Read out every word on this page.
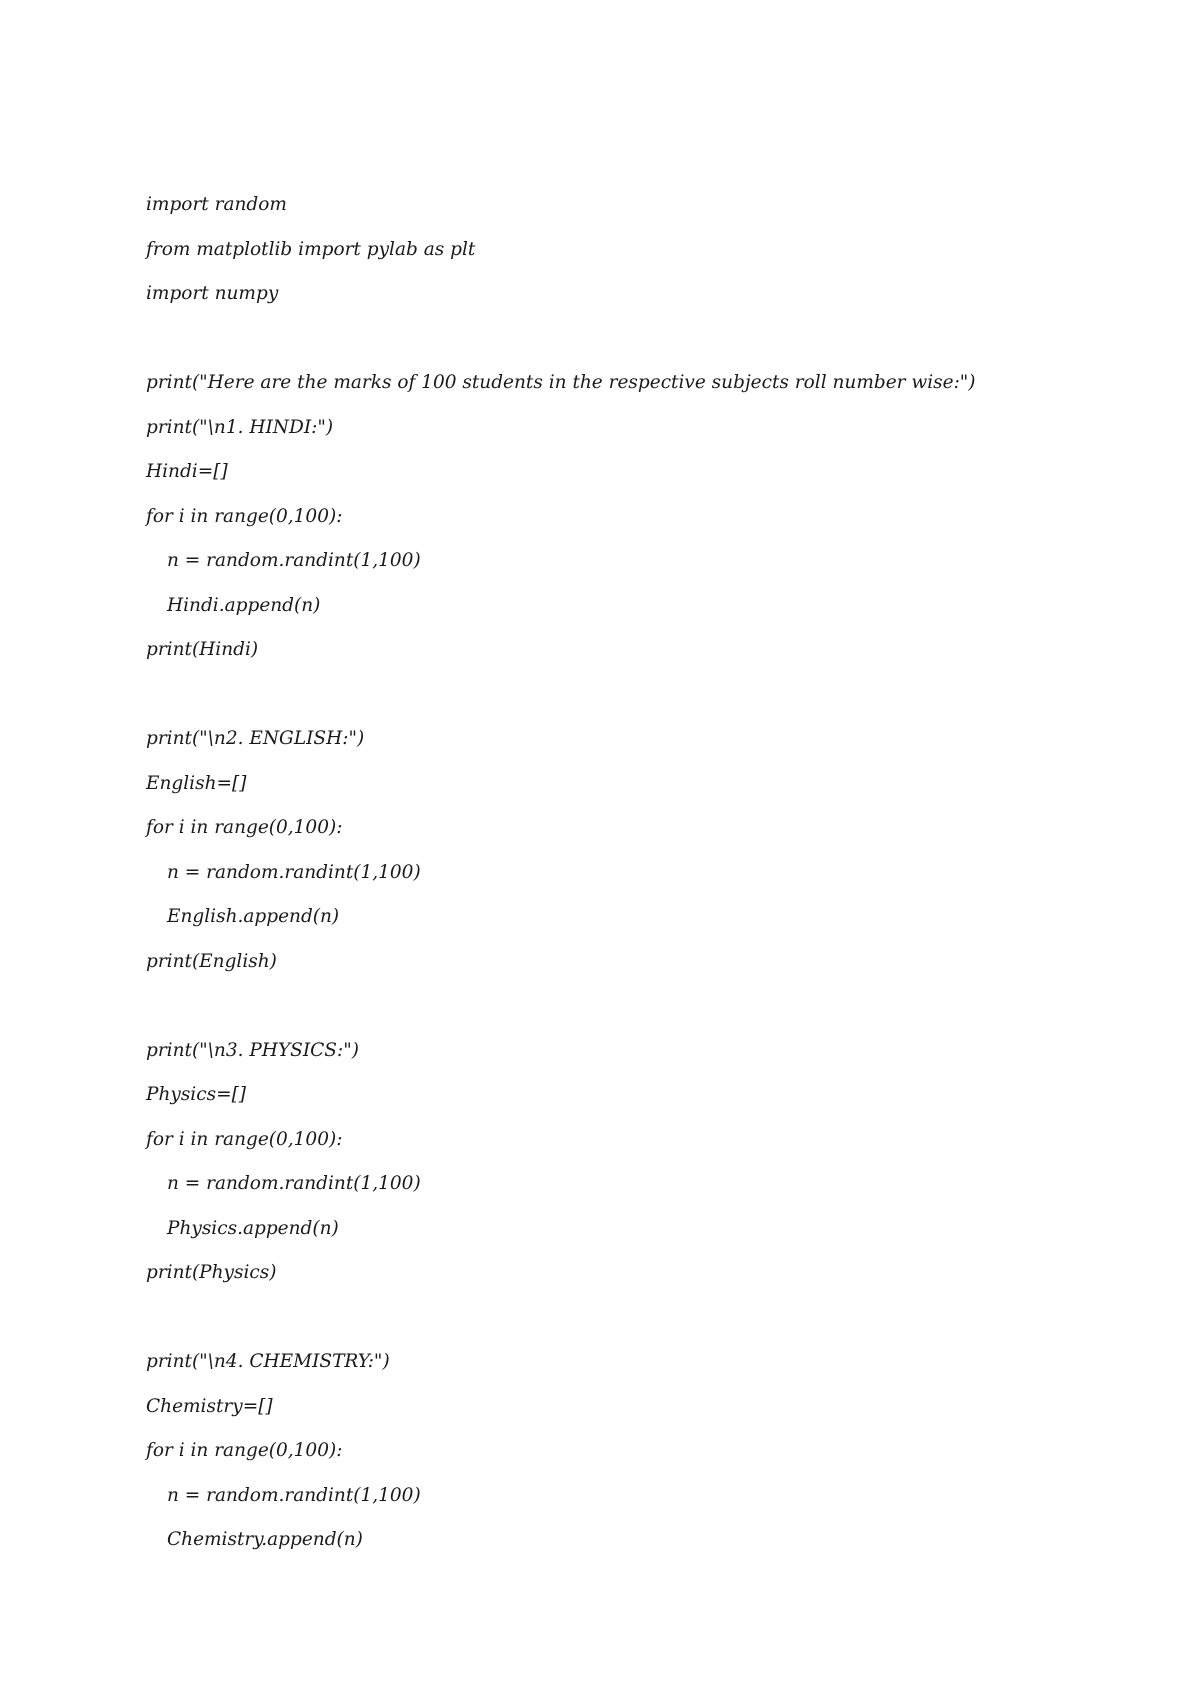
import random
from matplotlib import pylab as plt
import numpy
print("Here are the marks of 100 students in the respective subjects roll number wise:")
print("\n1. HINDI:")
Hindi=[]
for i in range(0,100):
n = random.randint(1,100)
Hindi.append(n)
print(Hindi)
print("\n2. ENGLISH:")
English=[]
for i in range(0,100):
n = random.randint(1,100)
English.append(n)
print(English)
print("\n3. PHYSICS:")
Physics=[]
for i in range(0,100):
n = random.randint(1,100)
Physics.append(n)
print(Physics)
print("\n4. CHEMISTRY:")
Chemistry=[]
for i in range(0,100):
n = random.randint(1,100)
Chemistry.append(n)
